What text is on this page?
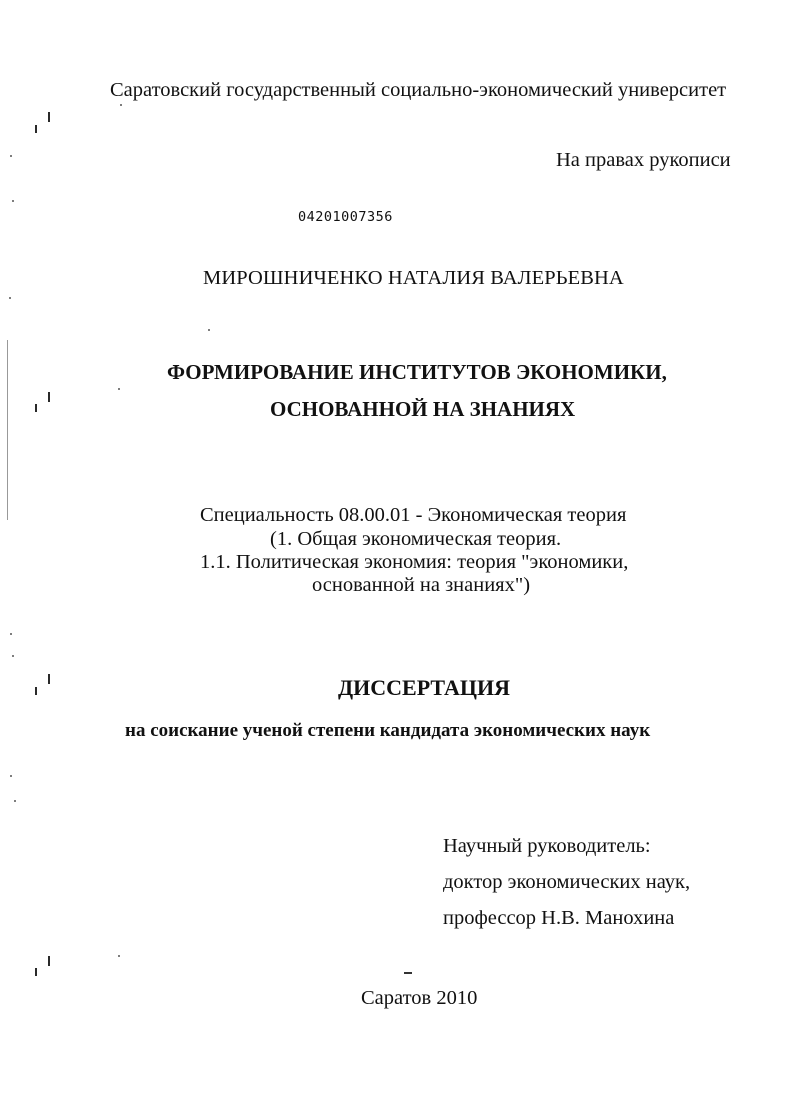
Саратовский государственный социально-экономический университет
На правах рукописи
04201007356
МИРОШНИЧЕНКО НАТАЛИЯ ВАЛЕРЬЕВНА
ФОРМИРОВАНИЕ ИНСТИТУТОВ ЭКОНОМИКИ,
ОСНОВАННОЙ НА ЗНАНИЯХ
Специальность 08.00.01 - Экономическая теория
(1. Общая экономическая теория.
1.1. Политическая экономия: теория "экономики,
основанной на знаниях")
ДИССЕРТАЦИЯ
на соискание ученой степени кандидата экономических наук
Научный руководитель:
доктор экономических наук,
профессор Н.В. Манохина
Саратов 2010
